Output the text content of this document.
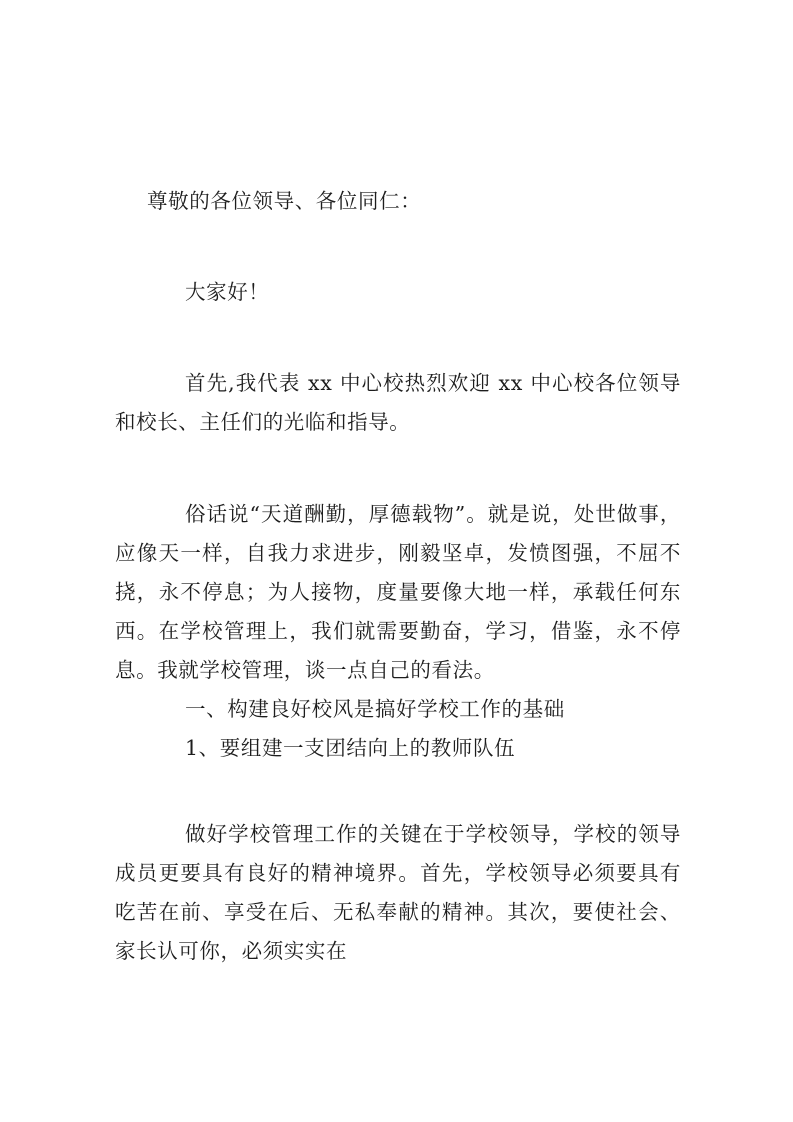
尊敬的各位领导、各位同仁：

大家好！

首先,我代表 xx 中心校热烈欢迎 xx 中心校各位领导和校长、主任们的光临和指导。

俗话说“天道酬勤，厚德载物”。就是说，处世做事，应像天一样，自我力求进步，刚毅坚卓，发愤图强，不屈不挠，永不停息；为人接物，度量要像大地一样，承载任何东西。在学校管理上，我们就需要勤奋，学习，借鉴，永不停息。我就学校管理，谈一点自己的看法。

一、构建良好校风是搞好学校工作的基础

1、要组建一支团结向上的教师队伍

做好学校管理工作的关键在于学校领导，学校的领导成员更要具有良好的精神境界。首先，学校领导必须要具有吃苦在前、享受在后、无私奉献的精神。其次，要使社会、家长认可你，必须实实在
